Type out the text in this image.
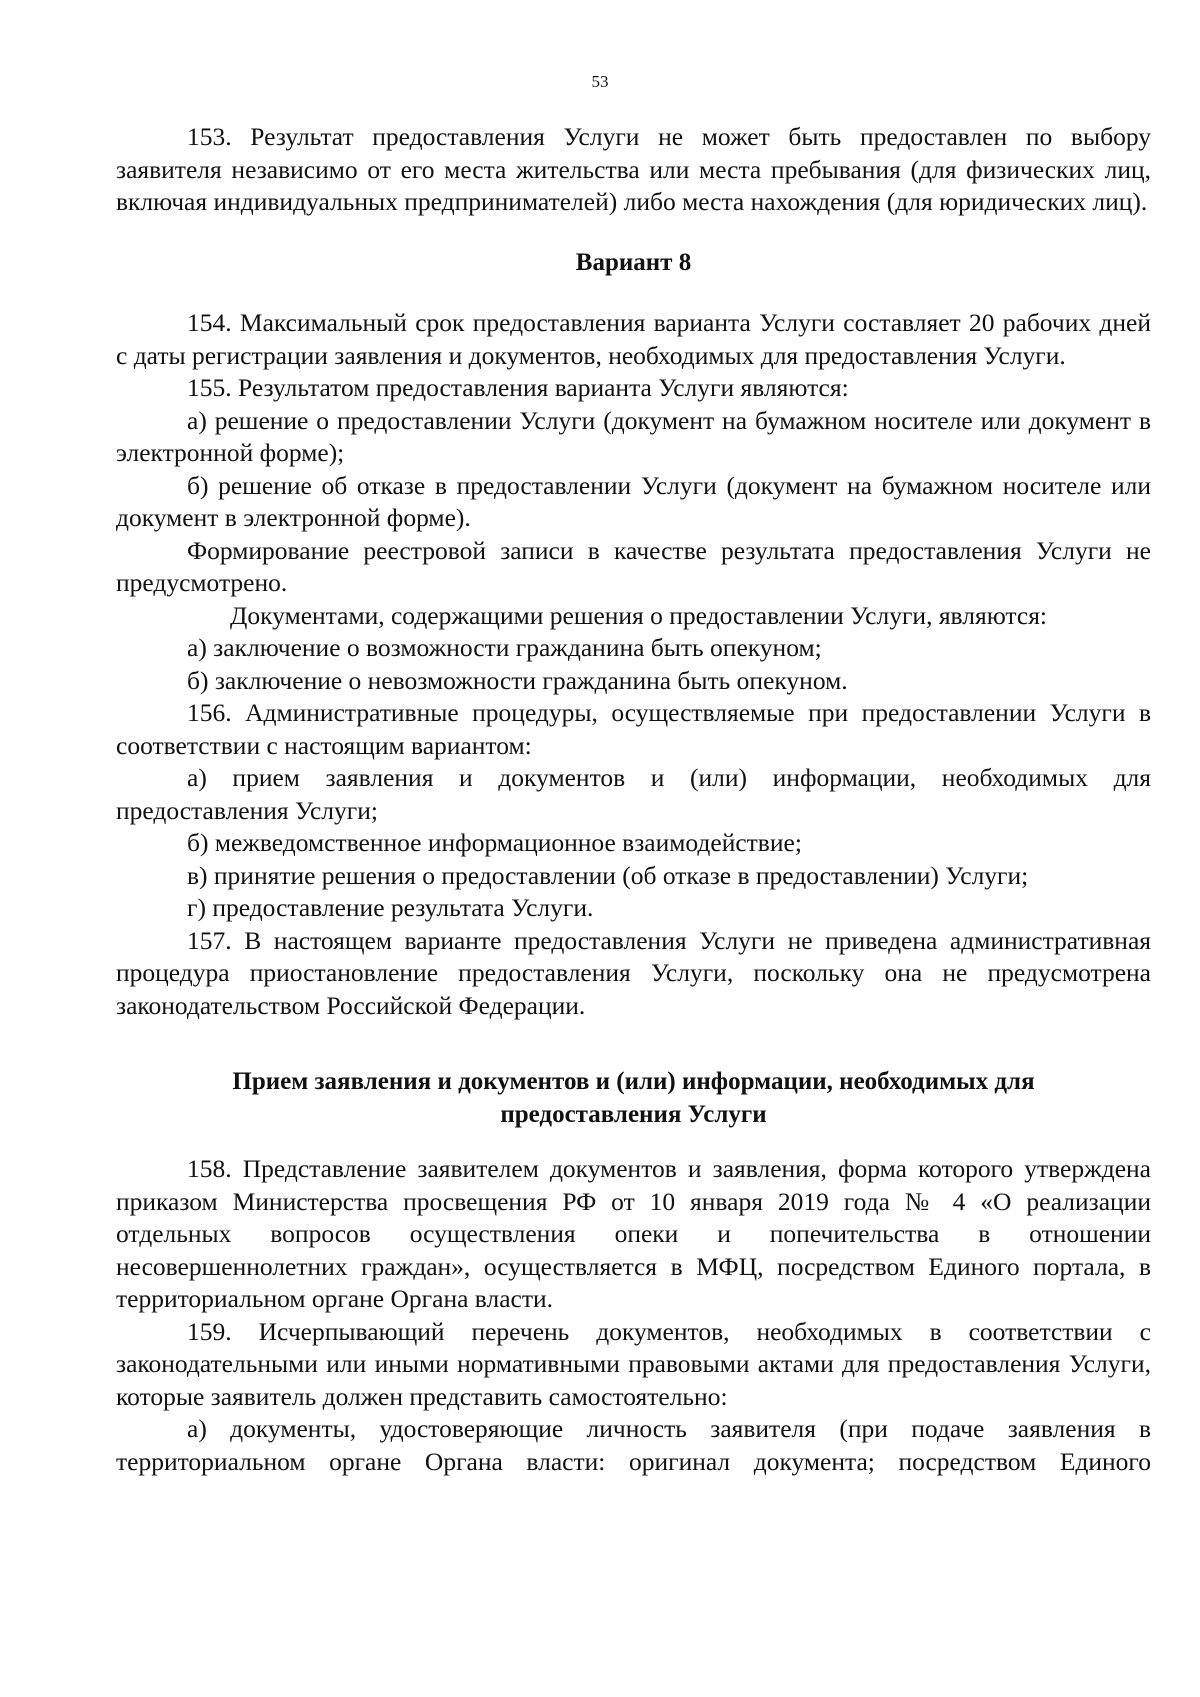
53

153. Результат предоставления Услуги не может быть предоставлен по выбору заявителя независимо от его места жительства или места пребывания (для физических лиц, включая индивидуальных предпринимателей) либо места нахождения (для юридических лиц).

Вариант 8

154. Максимальный срок предоставления варианта Услуги составляет 20 рабочих дней с даты регистрации заявления и документов, необходимых для предоставления Услуги.

155. Результатом предоставления варианта Услуги являются:

а) решение о предоставлении Услуги (документ на бумажном носителе или документ в электронной форме);

б) решение об отказе в предоставлении Услуги (документ на бумажном носителе или документ в электронной форме).

Формирование реестровой записи в качестве результата предоставления Услуги не предусмотрено.

Документами, содержащими решения о предоставлении Услуги, являются:

а) заключение о возможности гражданина быть опекуном;

б) заключение о невозможности гражданина быть опекуном.

156. Административные процедуры, осуществляемые при предоставлении Услуги в соответствии с настоящим вариантом:

а) прием заявления и документов и (или) информации, необходимых для предоставления Услуги;

б) межведомственное информационное взаимодействие;

в) принятие решения о предоставлении (об отказе в предоставлении) Услуги;

г) предоставление результата Услуги.

157. В настоящем варианте предоставления Услуги не приведена административная процедура приостановление предоставления Услуги, поскольку она не предусмотрена законодательством Российской Федерации.

Прием заявления и документов и (или) информации, необходимых для
предоставления Услуги

158. Представление заявителем документов и заявления, форма которого утверждена приказом Министерства просвещения РФ от 10 января 2019 года № 4 «О реализации отдельных вопросов осуществления опеки и попечительства в отношении несовершеннолетних граждан», осуществляется в МФЦ, посредством Единого портала, в территориальном органе Органа власти.

159. Исчерпывающий перечень документов, необходимых в соответствии с законодательными или иными нормативными правовыми актами для предоставления Услуги, которые заявитель должен представить самостоятельно:

а) документы, удостоверяющие личность заявителя (при подаче заявления в территориальном органе Органа власти: оригинал документа; посредством Единого
